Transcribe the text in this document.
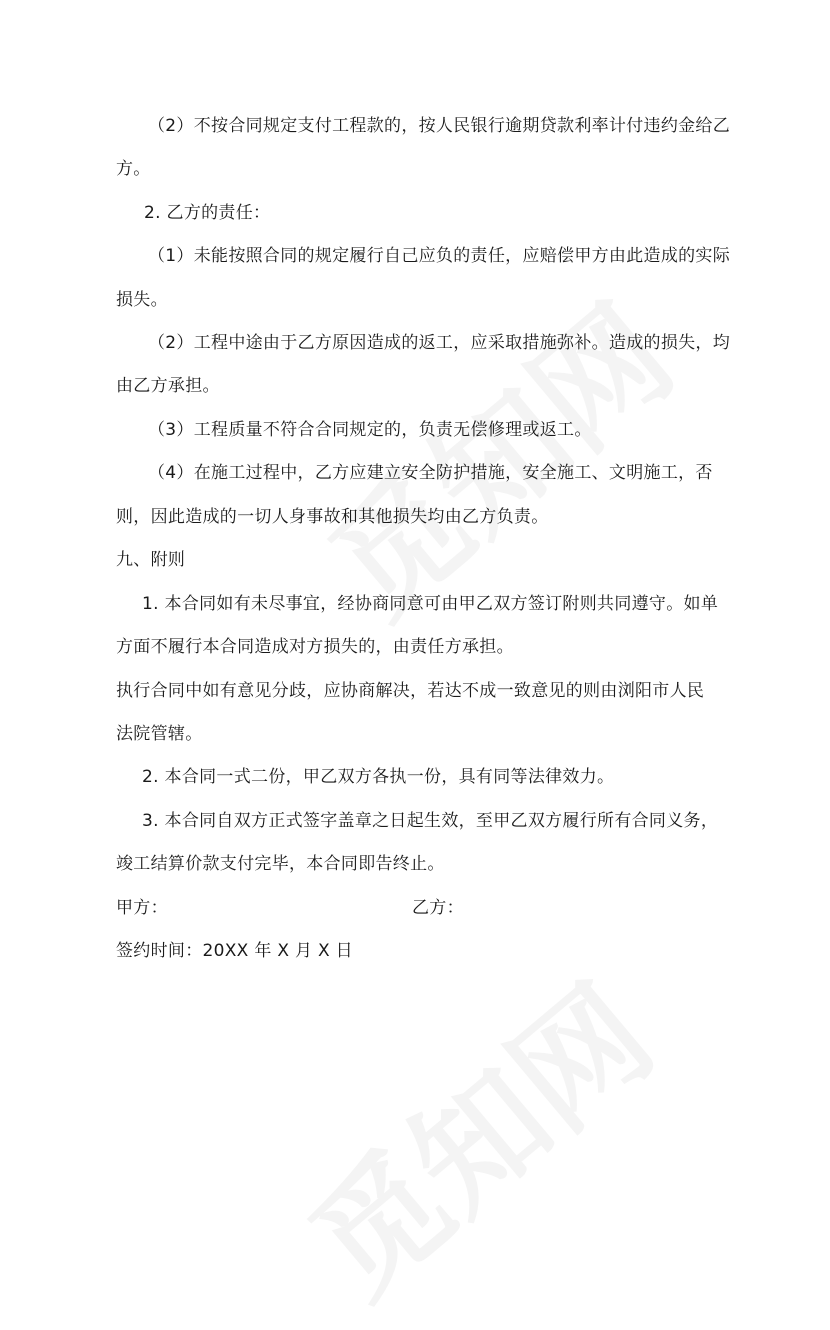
（2）不按合同规定支付工程款的，按人民银行逾期贷款利率计付违约金给乙
方。
2. 乙方的责任：
（1）未能按照合同的规定履行自己应负的责任，应赔偿甲方由此造成的实际
损失。
（2）工程中途由于乙方原因造成的返工，应采取措施弥补。造成的损失，均
由乙方承担。
（3）工程质量不符合合同规定的，负责无偿修理或返工。
（4）在施工过程中，乙方应建立安全防护措施，安全施工、文明施工，否
则，因此造成的一切人身事故和其他损失均由乙方负责。
九、附则
1. 本合同如有未尽事宜，经协商同意可由甲乙双方签订附则共同遵守。如单
方面不履行本合同造成对方损失的，由责任方承担。
执行合同中如有意见分歧，应协商解决，若达不成一致意见的则由浏阳市人民
法院管辖。
2. 本合同一式二份，甲乙双方各执一份，具有同等法律效力。
3. 本合同自双方正式签字盖章之日起生效，至甲乙双方履行所有合同义务，
竣工结算价款支付完毕，本合同即告终止。
甲方：	乙方：
签约时间：20XX 年 X 月 X 日
